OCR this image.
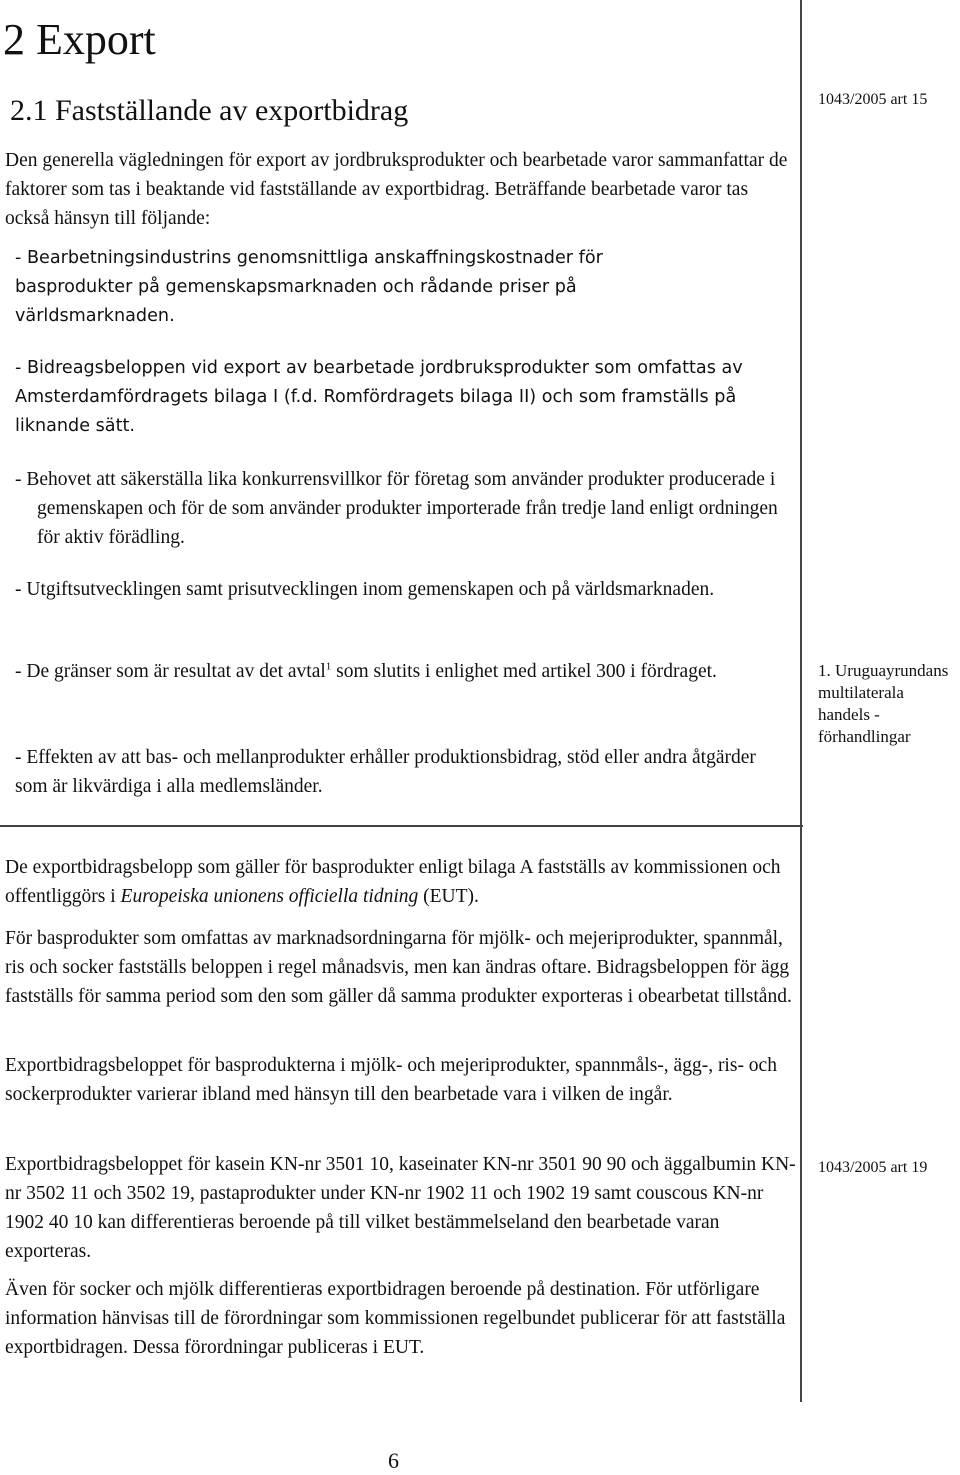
2 Export
2.1 Fastställande av exportbidrag	1043/2005 art 15

Den generella vägledningen för export av jordbruksprodukter och bearbetade varor sammanfattar de faktorer som tas i beaktande vid fastställande av exportbidrag. Beträffande bearbetade varor tas också hänsyn till följande:

- Bearbetningsindustrins genomsnittliga anskaffningskostnader för basprodukter på gemenskapsmarknaden och rådande priser på världsmarknaden.

- Bidreagsbeloppen vid export av bearbetade jordbruksprodukter som omfattas av Amsterdamfördragets bilaga I (f.d. Romfördragets bilaga II) och som framställs på liknande sätt.

- Behovet att säkerställa lika konkurrensvillkor för företag som använder produkter producerade i gemenskapen och för de som använder produkter importerade från tredje land enligt ordningen för aktiv förädling.

- Utgiftsutvecklingen samt prisutvecklingen inom gemenskapen och på världsmarknaden.

- De gränser som är resultat av det avtal$^1$ som slutits i enlighet med artikel 300 i fördraget.

- Effekten av att bas- och mellanprodukter erhåller produktionsbidrag, stöd eller andra åtgärder som är likvärdiga i alla medlemsländer.

1. Uruguayrundans multilaterala handels - förhandlingar

De exportbidragsbelopp som gäller för basprodukter enligt bilaga A fastställs av kommissionen och offentliggörs i Europeiska unionens officiella tidning (EUT).

För basprodukter som omfattas av marknadsordningarna för mjölk- och mejeriprodukter, spannmål, ris och socker fastställs beloppen i regel månadsvis, men kan ändras oftare. Bidragsbeloppen för ägg fastställs för samma period som den som gäller då samma produkter exporteras i obearbetat tillstånd.

Exportbidragsbeloppet för basprodukterna i mjölk- och mejeriprodukter, spannmåls-, ägg-, ris- och sockerprodukter varierar ibland med hänsyn till den bearbetade vara i vilken de ingår.

Exportbidragsbeloppet för kasein KN-nr 3501 10, kaseinater KN-nr 3501 90 90 och äggalbumin KN-nr 3502 11 och 3502 19, pastaprodukter under KN-nr 1902 11 och 1902 19 samt couscous KN-nr 1902 40 10 kan differentieras beroende på till vilket bestämmelseland den bearbetade varan exporteras.

1043/2005 art 19

Även för socker och mjölk differentieras exportbidragen beroende på destination. För utförligare information hänvisas till de förordningar som kommissionen regelbundet publicerar för att fastställa exportbidragen. Dessa förordningar publiceras i EUT.

6
